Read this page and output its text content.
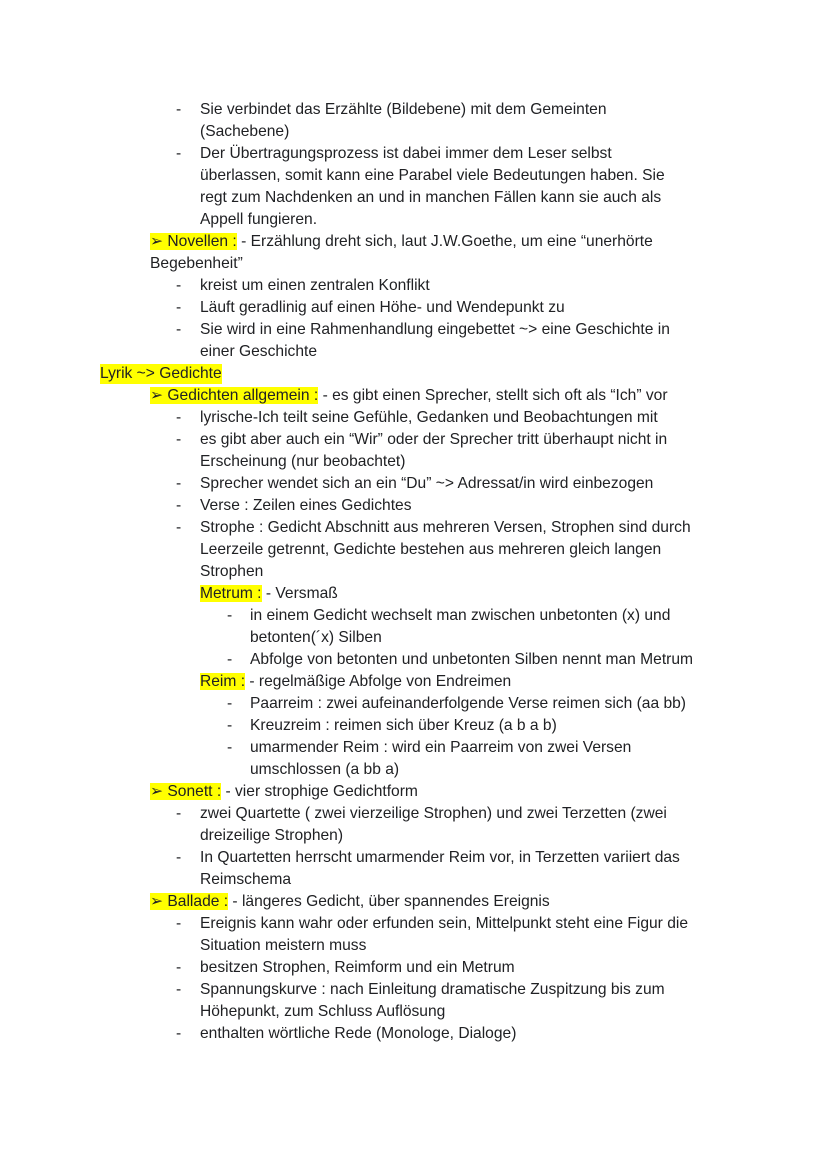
- Sie verbindet das Erzählte (Bildebene) mit dem Gemeinten
(Sachebene)
- Der Übertragungsprozess ist dabei immer dem Leser selbst
überlassen, somit kann eine Parabel viele Bedeutungen haben. Sie
regt zum Nachdenken an und in manchen Fällen kann sie auch als
Appell fungieren.
➢ Novellen : - Erzählung dreht sich, laut J.W.Goethe, um eine “unerhörte
Begebenheit”
- kreist um einen zentralen Konflikt
- Läuft geradlinig auf einen Höhe- und Wendepunkt zu
- Sie wird in eine Rahmenhandlung eingebettet ~> eine Geschichte in
einer Geschichte
Lyrik ~> Gedichte
➢ Gedichten allgemein : - es gibt einen Sprecher, stellt sich oft als “Ich” vor
- lyrische-Ich teilt seine Gefühle, Gedanken und Beobachtungen mit
- es gibt aber auch ein “Wir” oder der Sprecher tritt überhaupt nicht in
Erscheinung (nur beobachtet)
- Sprecher wendet sich an ein “Du” ~> Adressat/in wird einbezogen
- Verse : Zeilen eines Gedichtes
- Strophe : Gedicht Abschnitt aus mehreren Versen, Strophen sind durch
Leerzeile getrennt, Gedichte bestehen aus mehreren gleich langen
Strophen
Metrum : - Versmaß
- in einem Gedicht wechselt man zwischen unbetonten (x) und
betonten(´x) Silben
- Abfolge von betonten und unbetonten Silben nennt man Metrum
Reim : - regelmäßige Abfolge von Endreimen
- Paarreim : zwei aufeinanderfolgende Verse reimen sich (aa bb)
- Kreuzreim : reimen sich über Kreuz (a b a b)
- umarmender Reim : wird ein Paarreim von zwei Versen
umschlossen (a bb a)
➢ Sonett : - vier strophige Gedichtform
- zwei Quartette ( zwei vierzeilige Strophen) und zwei Terzetten (zwei
dreizeilige Strophen)
- In Quartetten herrscht umarmender Reim vor, in Terzetten variiert das
Reimschema
➢ Ballade : - längeres Gedicht, über spannendes Ereignis
- Ereignis kann wahr oder erfunden sein, Mittelpunkt steht eine Figur die
Situation meistern muss
- besitzen Strophen, Reimform und ein Metrum
- Spannungskurve : nach Einleitung dramatische Zuspitzung bis zum
Höhepunkt, zum Schluss Auflösung
- enthalten wörtliche Rede (Monologe, Dialoge)
